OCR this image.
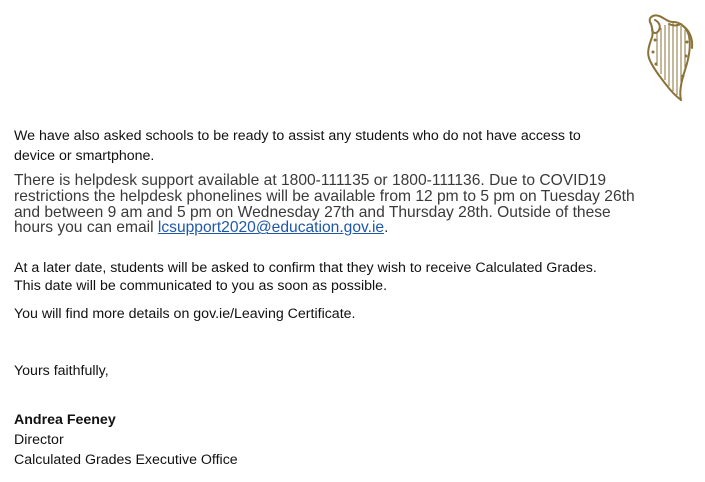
We have also asked schools to be ready to assist any students who do not have access to
device or smartphone.

There is helpdesk support available at 1800-111135 or 1800-111136. Due to COVID19
restrictions the helpdesk phonelines will be available from 12 pm to 5 pm on Tuesday 26th
and between 9 am and 5 pm on Wednesday 27th and Thursday 28th. Outside of these
hours you can email lcsupport2020@education.gov.ie.

At a later date, students will be asked to confirm that they wish to receive Calculated Grades.
This date will be communicated to you as soon as possible.

You will find more details on gov.ie/Leaving Certificate.

Yours faithfully,

Andrea Feeney
Director
Calculated Grades Executive Office
